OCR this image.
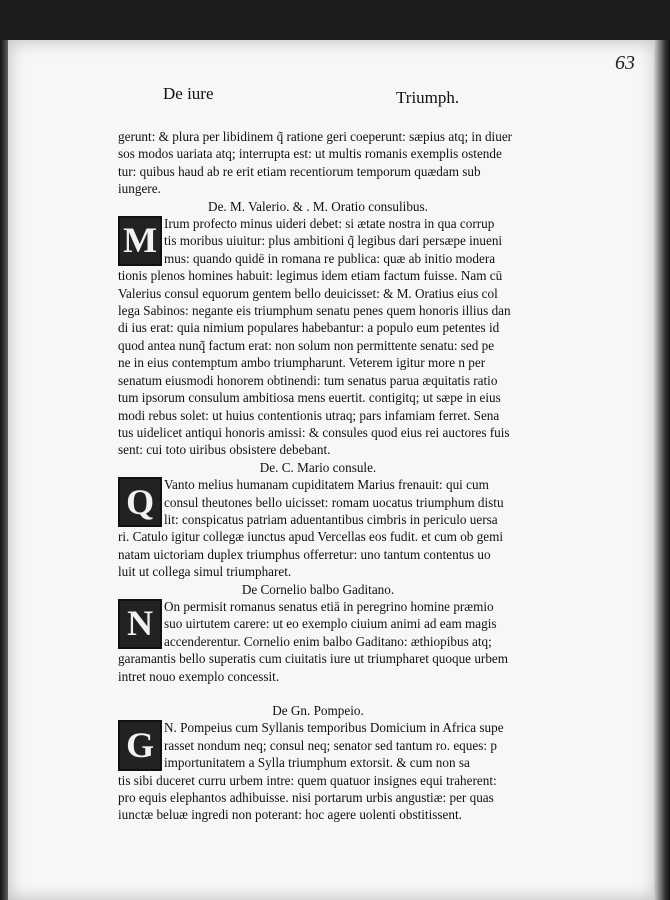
63
De iure	Triumph.
gerunt: & plura per libidinem q̃ ratione geri coeperunt: sæpius atq; in diuer
sos modos uariata atq; interrupta est: ut multis romanis exemplis ostende
tur: quibus haud ab re erit etiam recentiorum temporum quædam sub
iungere.
De. M. Valerio. & . M. Oratio consulibus.
M Irum profecto minus uideri debet: si ætate nostra in qua corrup
tis moribus uiuitur: plus ambitioni q̃ legibus dari persæpe inueni
mus: quando quidē in romana re publica: quæ ab initio modera
tionis plenos homines habuit: legimus idem etiam factum fuisse. Nam cū
Valerius consul equorum gentem bello deuicisset: & M. Oratius eius col
lega Sabinos: negante eis triumphum senatu penes quem honoris illius dan
di ius erat: quia nimium populares habebantur: a populo eum petentes id
quod antea nunq̃ factum erat: non solum non permittente senatu: sed pe
ne in eius contemptum ambo triumpharunt. Veterem igitur more n per
senatum eiusmodi honorem obtinendi: tum senatus parua æquitatis ratio
tum ipsorum consulum ambitiosa mens euertit. contigitq; ut sæpe in eius
modi rebus solet: ut huius contentionis utraq; pars infamiam ferret. Sena
tus uidelicet antiqui honoris amissi: & consules quod eius rei auctores fuis
sent: cui toto uiribus obsistere debebant.
De. C. Mario consule.
Q Vanto melius humanam cupiditatem Marius frenauit: qui cum
consul theutones bello uicisset: romam uocatus triumphum distu
lit: conspicatus patriam aduentantibus cimbris in periculo uersa
ri. Catulo igitur collegæ iunctus apud Vercellas eos fudit. et cum ob gemi
natam uictoriam duplex triumphus offerretur: uno tantum contentus uo
luit ut collega simul triumpharet.
De Cornelio balbo Gaditano.
N On permisit romanus senatus etiā in peregrino homine præmio
suo uirtutem carere: ut eo exemplo ciuium animi ad eam magis
accenderentur. Cornelio enim balbo Gaditano: æthiopibus atq;
garamantis bello superatis cum ciuitatis iure ut triumpharet quoque urbem
intret nouo exemplo concessit.
De Gn. Pompeio.
G N. Pompeius cum Syllanis temporibus Domicium in Africa supe
rasset nondum neq; consul neq; senator sed tantum ro. eques: p
importunitatem a Sylla triumphum extorsit. & cum non sa
tis sibi duceret curru urbem intre: quem quatuor insignes equi traherent:
pro equis elephantos adhibuisse. nisi portarum urbis angustiæ: per quas
iunctæ beluæ ingredi non poterant: hoc agere uolenti obstitissent.
